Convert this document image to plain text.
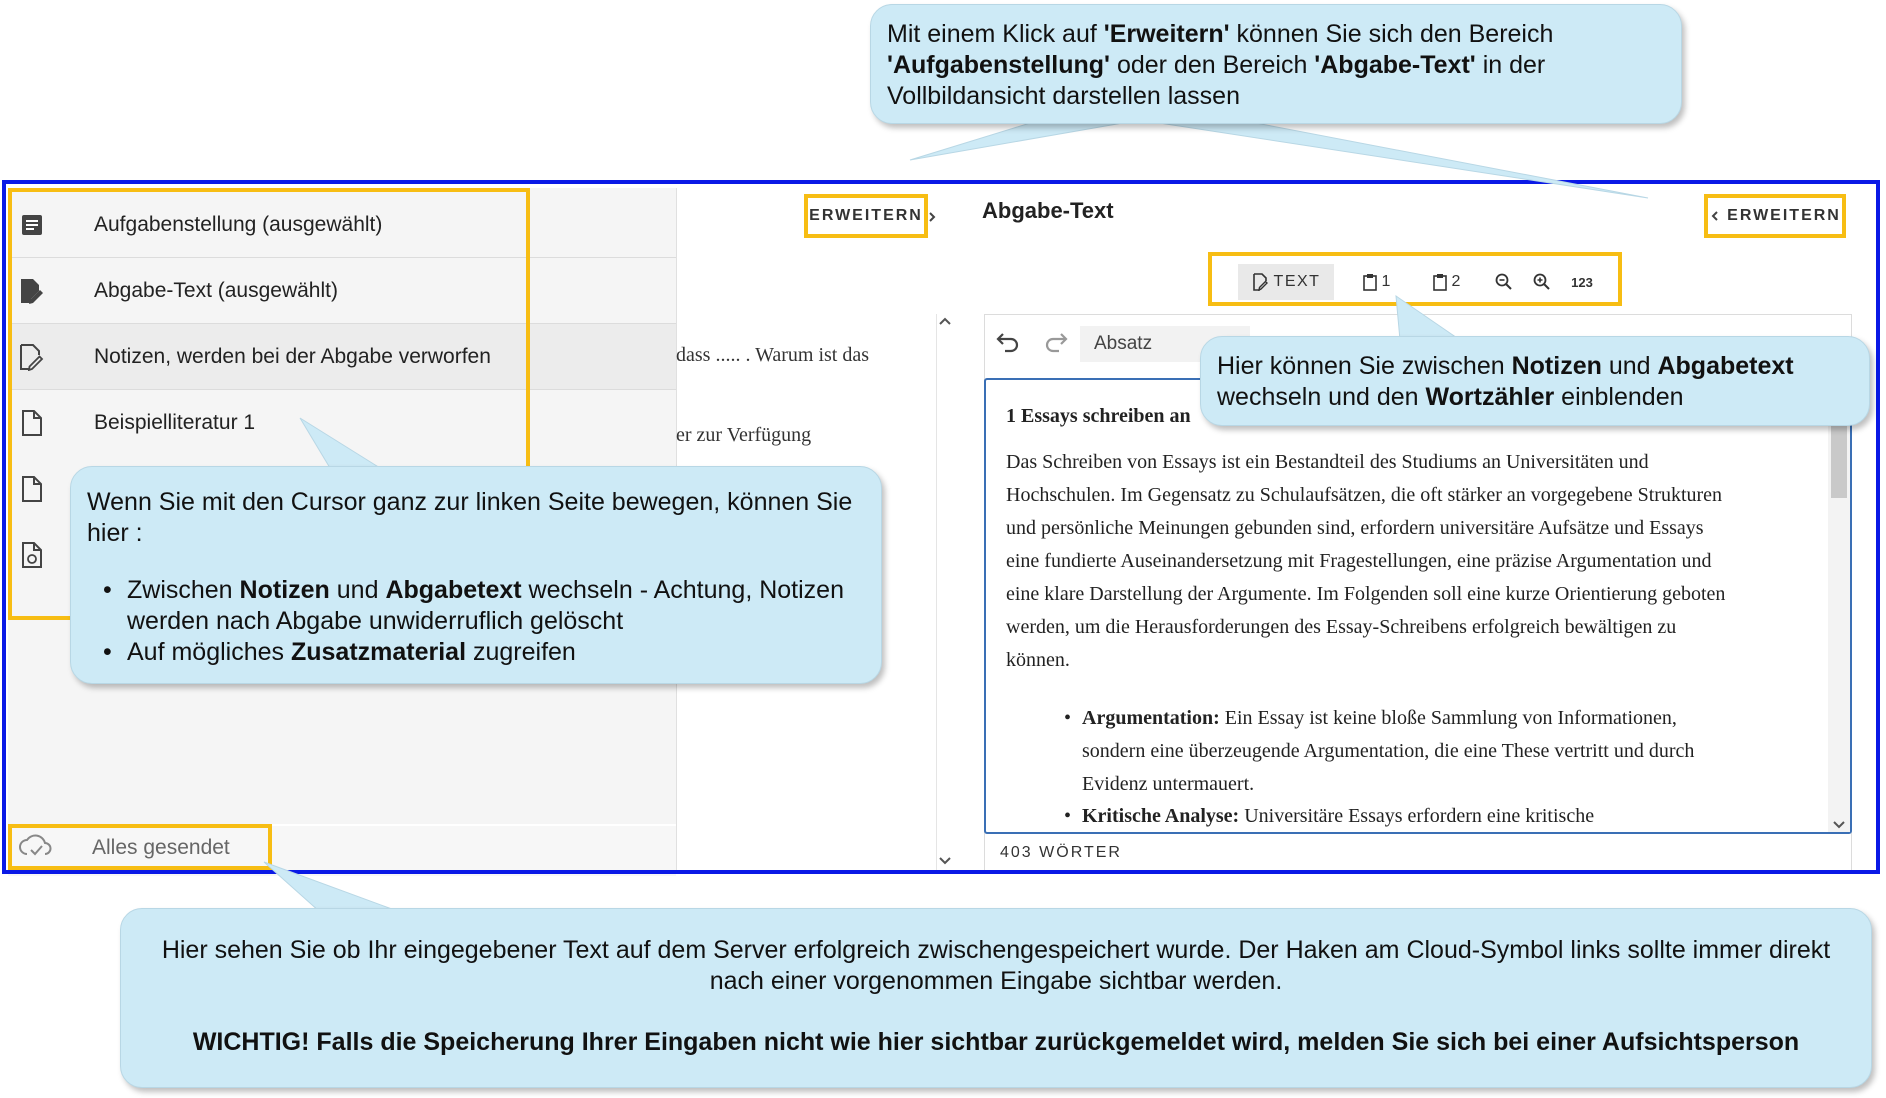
dass ..... . Warum ist das
er zur Verfügung
ERWEITERN	Abgabe-Text	ERWEITERN
TEXT	1	2	123
Absatz
1 Essays schreiben an
Das Schreiben von Essays ist ein Bestandteil des Studiums an Universitäten und
Hochschulen. Im Gegensatz zu Schulaufsätzen, die oft stärker an vorgegebene Strukturen
und persönliche Meinungen gebunden sind, erfordern universitäre Aufsätze und Essays
eine fundierte Auseinandersetzung mit Fragestellungen, eine präzise Argumentation und
eine klare Darstellung der Argumente. Im Folgenden soll eine kurze Orientierung geboten
werden, um die Herausforderungen des Essay-Schreibens erfolgreich bewältigen zu
können.
• Argumentation: Ein Essay ist keine bloße Sammlung von Informationen,
sondern eine überzeugende Argumentation, die eine These vertritt und durch
Evidenz untermauert.
• Kritische Analyse: Universitäre Essays erfordern eine kritische
403 WÖRTER
Aufgabenstellung (ausgewählt)
Abgabe-Text (ausgewählt)
Notizen, werden bei der Abgabe verworfen
Beispielliteratur 1
Alles gesendet
Mit einem Klick auf 'Erweitern' können Sie sich den Bereich 'Aufgabenstellung' oder den Bereich 'Abgabe-Text' in der Vollbildansicht darstellen lassen
Hier können Sie zwischen Notizen und Abgabetext wechseln und den Wortzähler einblenden
Wenn Sie mit den Cursor ganz zur linken Seite bewegen, können Sie hier :
• Zwischen Notizen und Abgabetext wechseln - Achtung, Notizen werden nach Abgabe unwiderruflich gelöscht
• Auf mögliches Zusatzmaterial zugreifen
Hier sehen Sie ob Ihr eingegebener Text auf dem Server erfolgreich zwischengespeichert wurde. Der Haken am Cloud-Symbol links sollte immer direkt nach einer vorgenommen Eingabe sichtbar werden.
WICHTIG! Falls die Speicherung Ihrer Eingaben nicht wie hier sichtbar zurückgemeldet wird, melden Sie sich bei einer Aufsichtsperson
